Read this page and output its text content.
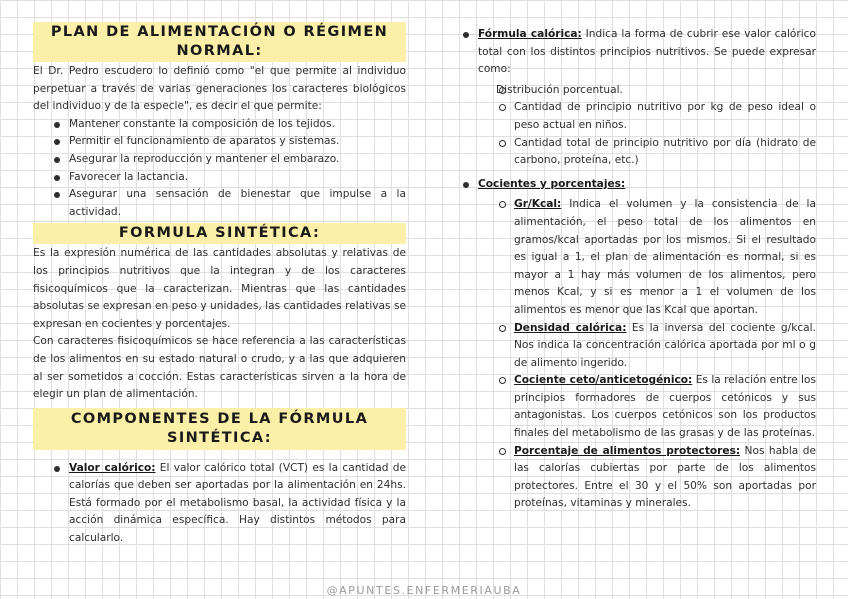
PLAN DE ALIMENTACIÓN O RÉGIMEN NORMAL:

El Dr. Pedro escudero lo definió como "el que permite al individuo perpetuar a través de varias generaciones los caracteres biológicos del individuo y de la especie", es decir el que permite:

Mantener constante la composición de los tejidos.
Permitir el funcionamiento de aparatos y sistemas.
Asegurar la reproducción y mantener el embarazo.
Favorecer la lactancia.
Asegurar una sensación de bienestar que impulse a la actividad.
FORMULA SINTÉTICA:

Es la expresión numérica de las cantidades absolutas y relativas de los principios nutritivos que la integran y de los caracteres fisicoquímicos que la caracterizan. Mientras que las cantidades absolutas se expresan en peso y unidades, las cantidades relativas se expresan en cocientes y porcentajes.

Con caracteres fisicoquímicos se hace referencia a las características de los alimentos en su estado natural o crudo, y a las que adquieren al ser sometidos a cocción. Estas características sirven a la hora de elegir un plan de alimentación.

COMPONENTES DE LA FÓRMULA SINTÉTICA:
Valor calórico: El valor calórico total (VCT) es la cantidad de calorías que deben ser aportadas por la alimentación en 24hs. Está formado por el metabolismo basal, la actividad física y la acción dinámica específica. Hay distintos métodos para calcularlo.
Fórmula calórica: Indica la forma de cubrir ese valor calórico total con los distintos principios nutritivos. Se puede expresar como:
Distribución porcentual.
Cantidad de principio nutritivo por kg de peso ideal o peso actual en niños.
Cantidad total de principio nutritivo por día (hidrato de carbono, proteína, etc.)
Cocientes y porcentajes:
Gr/Kcal: Indica el volumen y la consistencia de la alimentación, el peso total de los alimentos en gramos/kcal aportadas por los mismos. Si el resultado es igual a 1, el plan de alimentación es normal, si es mayor a 1 hay más volumen de los alimentos, pero menos Kcal, y si es menor a 1 el volumen de los alimentos es menor que las Kcal que aportan.
Densidad calórica: Es la inversa del cociente g/kcal. Nos indica la concentración calórica aportada por ml o g de alimento ingerido.
Cociente ceto/anticetogénico: Es la relación entre los principios formadores de cuerpos cetónicos y sus antagonistas. Los cuerpos cetónicos son los productos finales del metabolismo de las grasas y de las proteínas.
Porcentaje de alimentos protectores: Nos habla de las calorías cubiertas por parte de los alimentos protectores. Entre el 30 y el 50% son aportadas por proteínas, vitaminas y minerales.
@APUNTES.ENFERMERIAUBA
